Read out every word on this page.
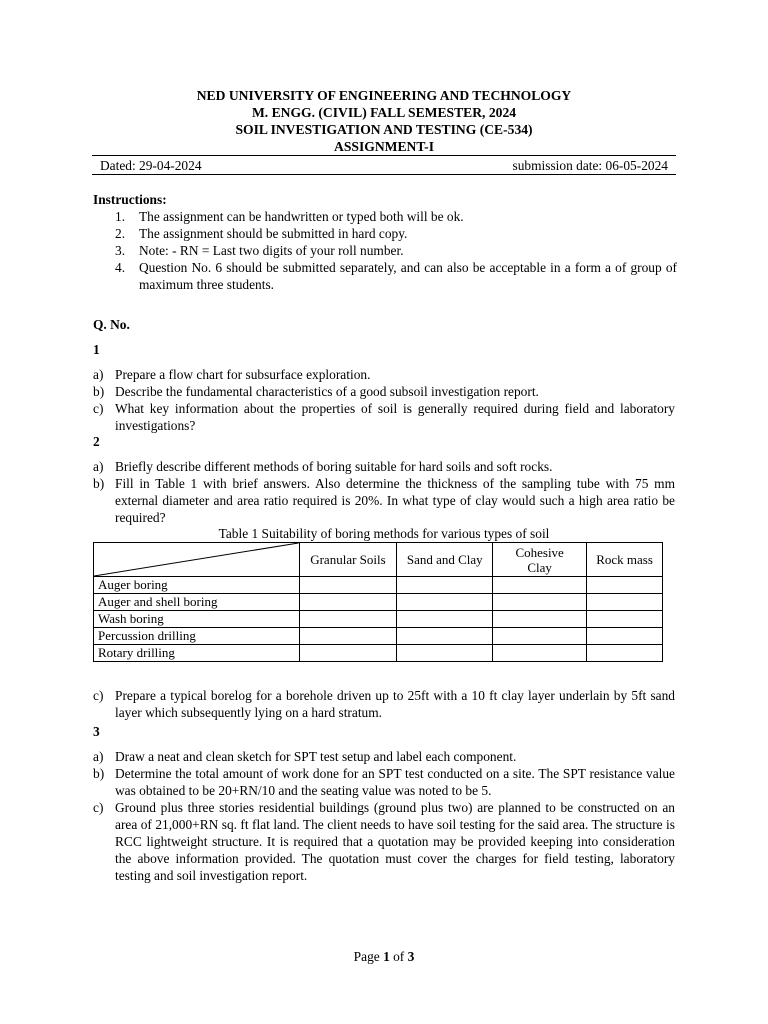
NED UNIVERSITY OF ENGINEERING AND TECHNOLOGY
M. ENGG. (CIVIL) FALL SEMESTER, 2024
SOIL INVESTIGATION AND TESTING (CE-534)
ASSIGNMENT-I
Dated: 29-04-2024	submission date: 06-05-2024
Instructions:
1. The assignment can be handwritten or typed both will be ok.
2. The assignment should be submitted in hard copy.
3. Note: - RN = Last two digits of your roll number.
4. Question No. 6 should be submitted separately, and can also be acceptable in a form a of group of maximum three students.
Q. No.
1
a) Prepare a flow chart for subsurface exploration.
b) Describe the fundamental characteristics of a good subsoil investigation report.
c) What key information about the properties of soil is generally required during field and laboratory investigations?
2
a) Briefly describe different methods of boring suitable for hard soils and soft rocks.
b) Fill in Table 1 with brief answers. Also determine the thickness of the sampling tube with 75 mm external diameter and area ratio required is 20%. In what type of clay would such a high area ratio be required?
Table 1 Suitability of boring methods for various types of soil
	Granular Soils	Sand and Clay	Cohesive Clay	Rock mass
Auger boring				
Auger and shell boring				
Wash boring				
Percussion drilling				
Rotary drilling				
c) Prepare a typical borelog for a borehole driven up to 25ft with a 10 ft clay layer underlain by 5ft sand layer which subsequently lying on a hard stratum.
3
a) Draw a neat and clean sketch for SPT test setup and label each component.
b) Determine the total amount of work done for an SPT test conducted on a site. The SPT resistance value was obtained to be 20+RN/10 and the seating value was noted to be 5.
c) Ground plus three stories residential buildings (ground plus two) are planned to be constructed on an area of 21,000+RN sq. ft flat land. The client needs to have soil testing for the said area. The structure is RCC lightweight structure. It is required that a quotation may be provided keeping into consideration the above information provided. The quotation must cover the charges for field testing, laboratory testing and soil investigation report.
Page 1 of 3
